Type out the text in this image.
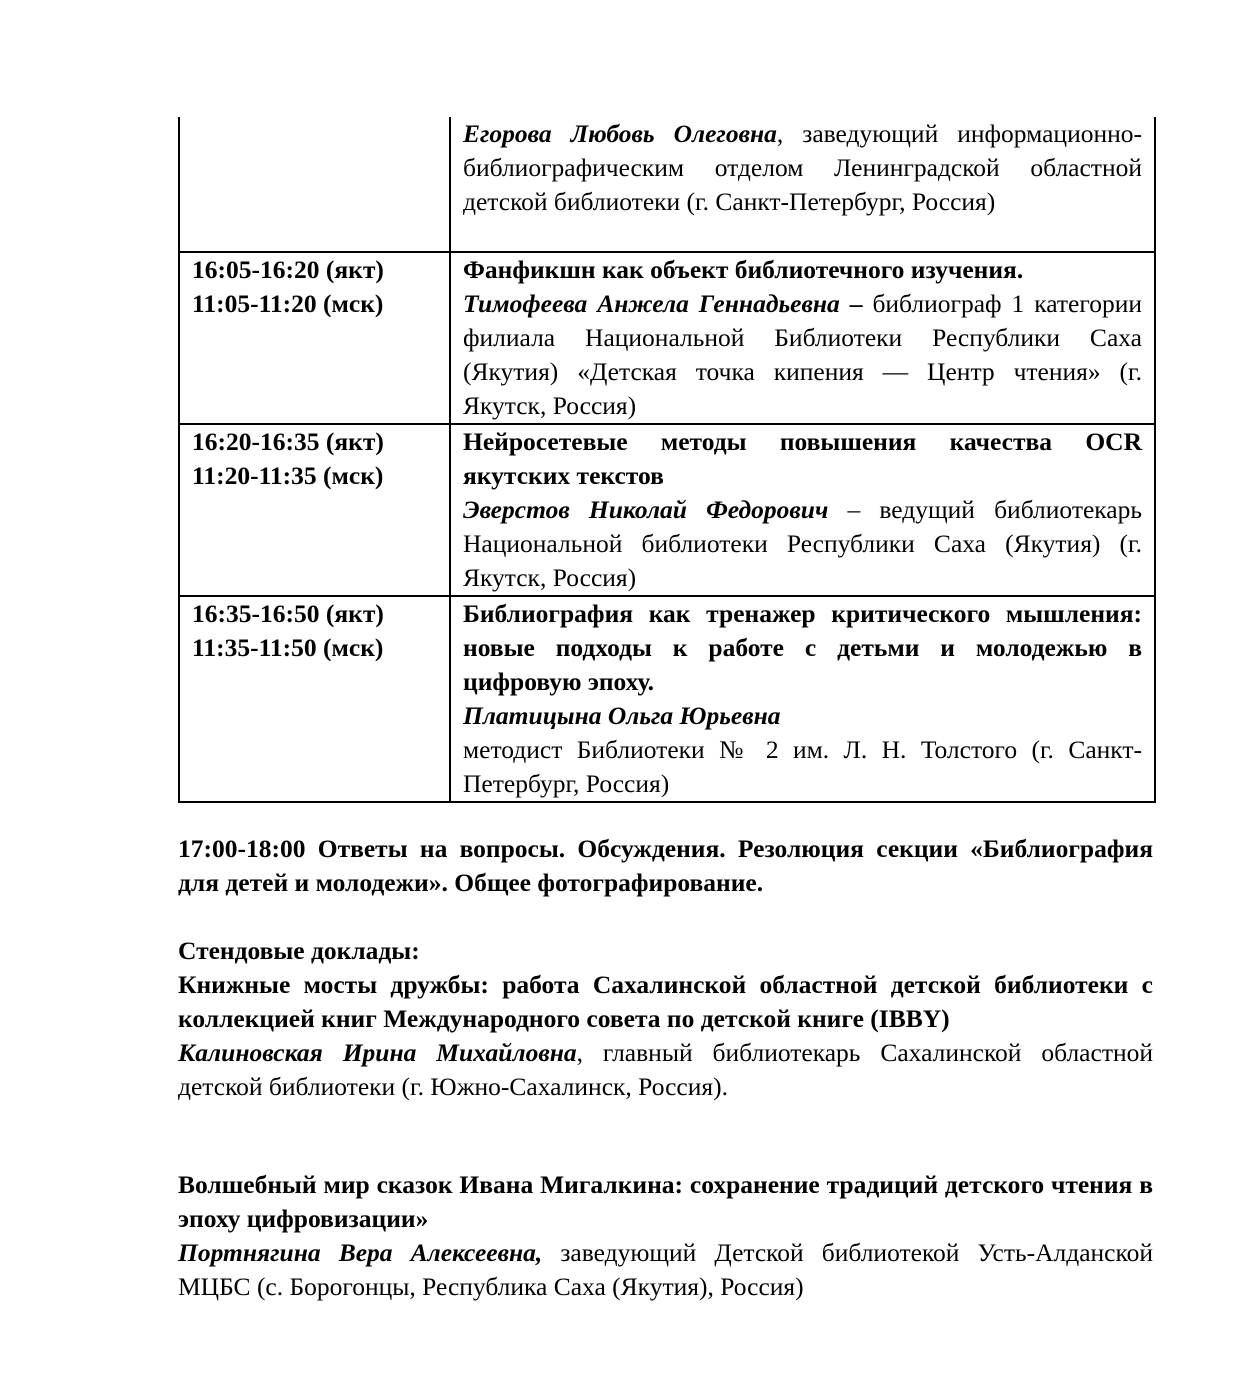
	Егорова Любовь Олеговна, заведующий информационно-библиографическим отделом Ленинградской областной детской библиотеки (г. Санкт-Петербург, Россия)

16:05-16:20 (якт)
11:05-11:20 (мск)	Фанфикшн как объект библиотечного изучения.
Тимофеева Анжела Геннадьевна – библиограф 1 категории филиала Национальной Библиотеки Республики Саха (Якутия) «Детская точка кипения — Центр чтения» (г. Якутск, Россия)

16:20-16:35 (якт)
11:20-11:35 (мск)	Нейросетевые методы повышения качества OCR якутских текстов
Эверстов Николай Федорович – ведущий библиотекарь Национальной библиотеки Республики Саха (Якутия) (г. Якутск, Россия)

16:35-16:50 (якт)
11:35-11:50 (мск)	Библиография как тренажер критического мышления: новые подходы к работе с детьми и молодежью в цифровую эпоху.
Платицына Ольга Юрьевна
методист Библиотеки № 2 им. Л. Н. Толстого (г. Санкт-Петербург, Россия)
17:00-18:00 Ответы на вопросы. Обсуждения. Резолюция секции «Библиография для детей и молодежи». Общее фотографирование.
Стендовые доклады:
Книжные мосты дружбы: работа Сахалинской областной детской библиотеки с коллекцией книг Международного совета по детской книге (IBBY)
Калиновская Ирина Михайловна, главный библиотекарь Сахалинской областной детской библиотеки (г. Южно-Сахалинск, Россия).
Волшебный мир сказок Ивана Мигалкина: сохранение традиций детского чтения в эпоху цифровизации»
Портнягина Вера Алексеевна, заведующий Детской библиотекой Усть-Алданской МЦБС (с. Борогонцы, Республика Саха (Якутия), Россия)
